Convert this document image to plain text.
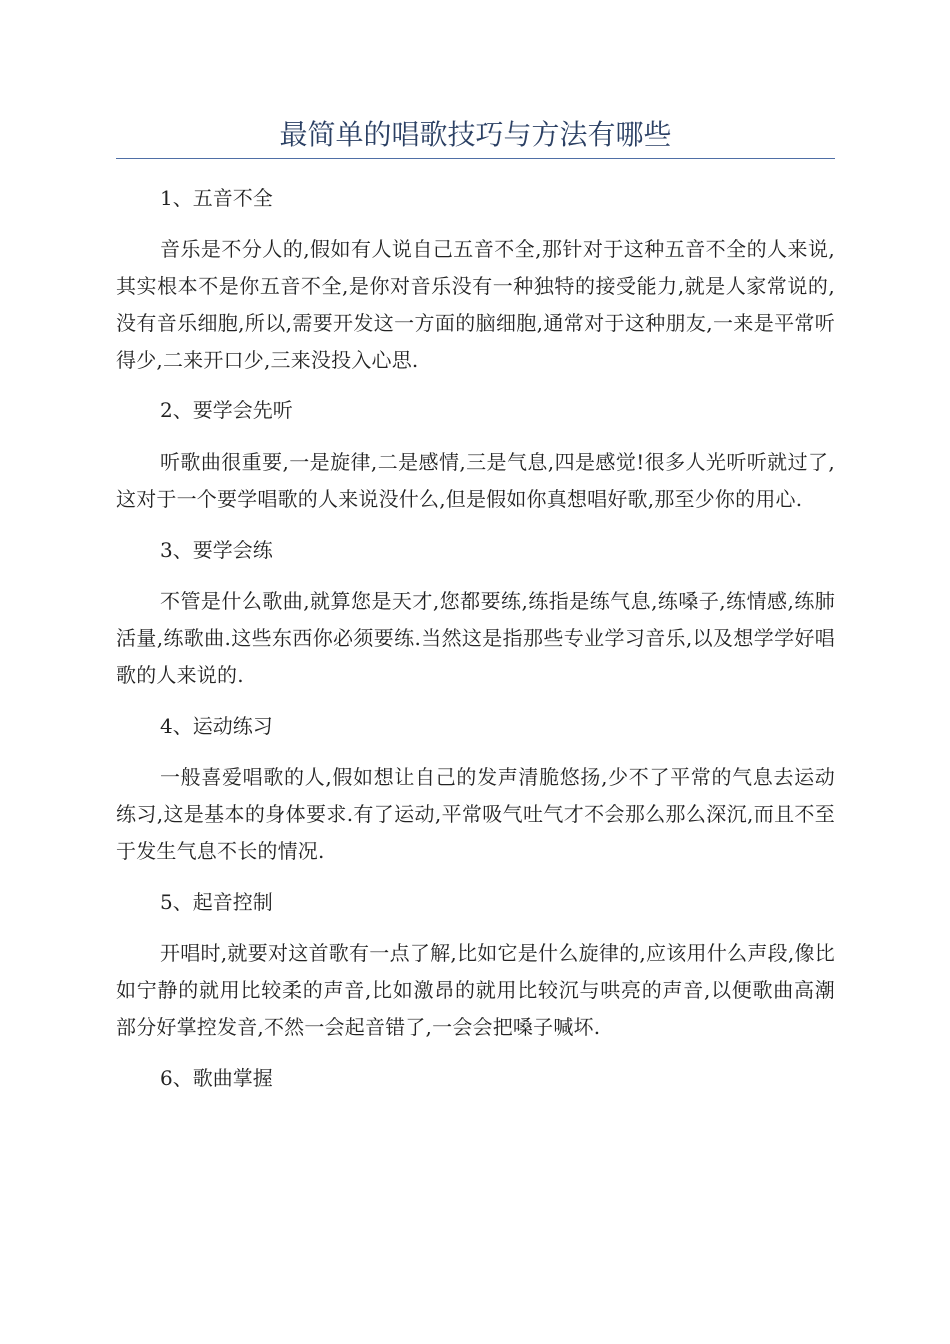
最简单的唱歌技巧与方法有哪些

1、五音不全

音乐是不分人的,假如有人说自己五音不全,那针对于这种五音不全的人来说,其实根本不是你五音不全,是你对音乐没有一种独特的接受能力,就是人家常说的,没有音乐细胞,所以,需要开发这一方面的脑细胞,通常对于这种朋友,一来是平常听得少,二来开口少,三来没投入心思.

2、要学会先听

听歌曲很重要,一是旋律,二是感情,三是气息,四是感觉!很多人光听听就过了,这对于一个要学唱歌的人来说没什么,但是假如你真想唱好歌,那至少你的用心.

3、要学会练

不管是什么歌曲,就算您是天才,您都要练,练指是练气息,练嗓子,练情感,练肺活量,练歌曲.这些东西你必须要练.当然这是指那些专业学习音乐,以及想学学好唱歌的人来说的.

4、运动练习

一般喜爱唱歌的人,假如想让自己的发声清脆悠扬,少不了平常的气息去运动练习,这是基本的身体要求.有了运动,平常吸气吐气才不会那么那么深沉,而且不至于发生气息不长的情况.

5、起音控制

开唱时,就要对这首歌有一点了解,比如它是什么旋律的,应该用什么声段,像比如宁静的就用比较柔的声音,比如激昂的就用比较沉与哄亮的声音,以便歌曲高潮部分好掌控发音,不然一会起音错了,一会会把嗓子喊坏.

6、歌曲掌握
